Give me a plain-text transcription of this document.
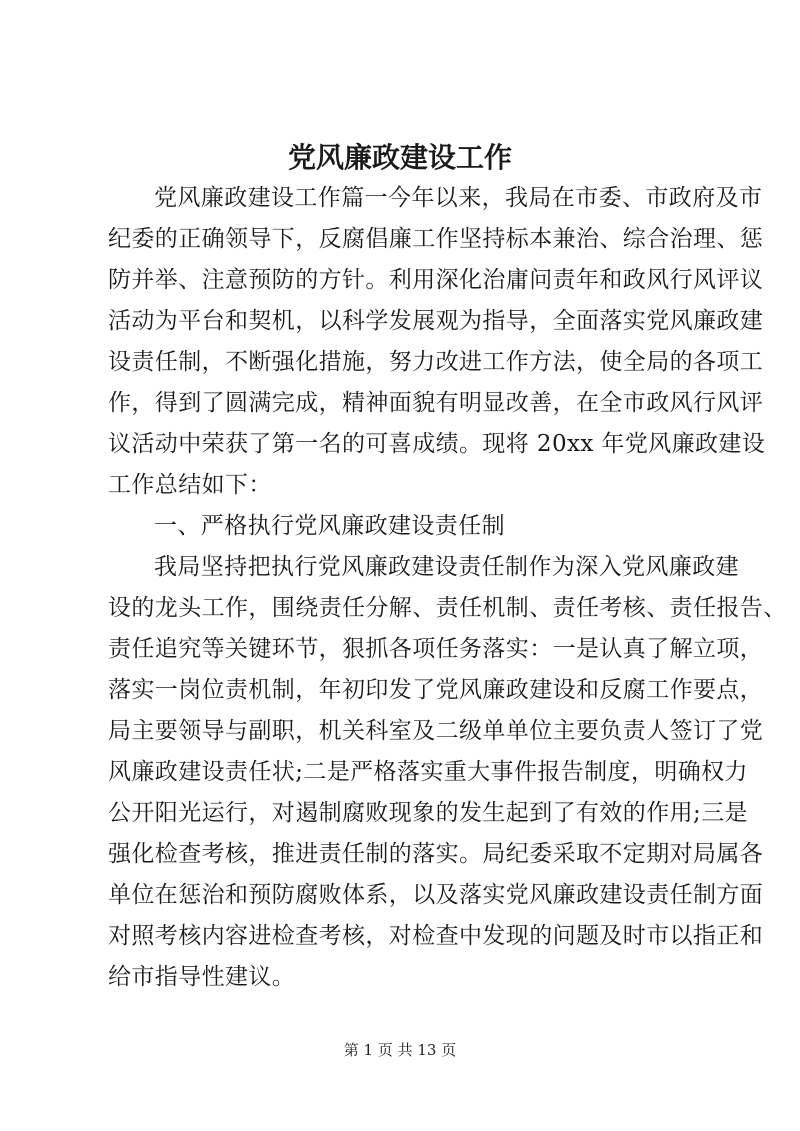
党风廉政建设工作
党风廉政建设工作篇一今年以来，我局在市委、市政府及市
纪委的正确领导下，反腐倡廉工作坚持标本兼治、综合治理、惩
防并举、注意预防的方针。利用深化治庸问责年和政风行风评议
活动为平台和契机，以科学发展观为指导，全面落实党风廉政建
设责任制，不断强化措施，努力改进工作方法，使全局的各项工
作，得到了圆满完成，精神面貌有明显改善，在全市政风行风评
议活动中荣获了第一名的可喜成绩。现将 20xx 年党风廉政建设
工作总结如下：
一、严格执行党风廉政建设责任制
我局坚持把执行党风廉政建设责任制作为深入党风廉政建
设的龙头工作，围绕责任分解、责任机制、责任考核、责任报告、
责任追究等关键环节，狠抓各项任务落实：一是认真了解立项，
落实一岗位责机制，年初印发了党风廉政建设和反腐工作要点，
局主要领导与副职，机关科室及二级单单位主要负责人签订了党
风廉政建设责任状;二是严格落实重大事件报告制度，明确权力
公开阳光运行，对遏制腐败现象的发生起到了有效的作用;三是
强化检查考核，推进责任制的落实。局纪委采取不定期对局属各
单位在惩治和预防腐败体系，以及落实党风廉政建设责任制方面
对照考核内容进检查考核，对检查中发现的问题及时市以指正和
给市指导性建议。
第 1 页 共 13 页
